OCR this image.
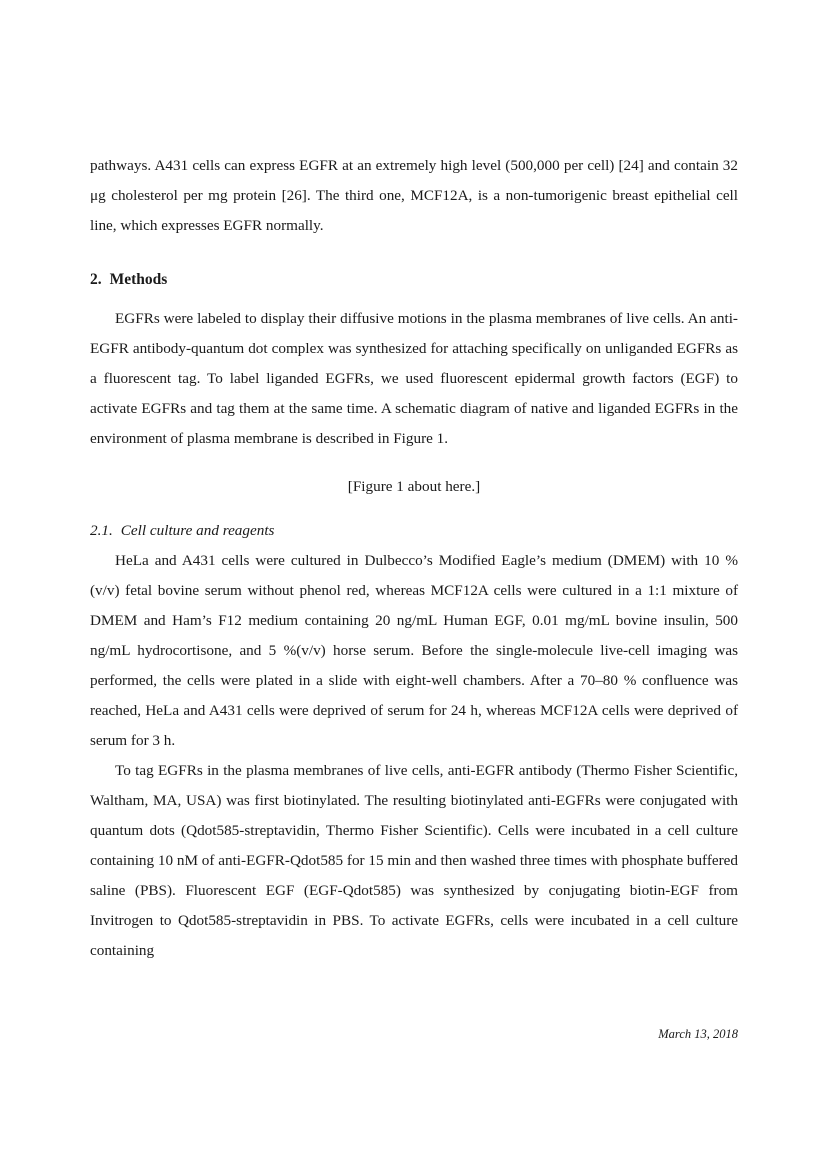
pathways. A431 cells can express EGFR at an extremely high level (500,000 per cell) [24] and contain 32 μg cholesterol per mg protein [26]. The third one, MCF12A, is a non-tumorigenic breast epithelial cell line, which expresses EGFR normally.

2. Methods

EGFRs were labeled to display their diffusive motions in the plasma membranes of live cells. An anti-EGFR antibody-quantum dot complex was synthesized for attaching specifically on unliganded EGFRs as a fluorescent tag. To label liganded EGFRs, we used fluorescent epidermal growth factors (EGF) to activate EGFRs and tag them at the same time. A schematic diagram of native and liganded EGFRs in the environment of plasma membrane is described in Figure 1.

[Figure 1 about here.]
2.1. Cell culture and reagents

HeLa and A431 cells were cultured in Dulbecco’s Modified Eagle’s medium (DMEM) with 10 % (v/v) fetal bovine serum without phenol red, whereas MCF12A cells were cultured in a 1:1 mixture of DMEM and Ham’s F12 medium containing 20 ng/mL Human EGF, 0.01 mg/mL bovine insulin, 500 ng/mL hydrocortisone, and 5 %(v/v) horse serum. Before the single-molecule live-cell imaging was performed, the cells were plated in a slide with eight-well chambers. After a 70–80 % confluence was reached, HeLa and A431 cells were deprived of serum for 24 h, whereas MCF12A cells were deprived of serum for 3 h.

To tag EGFRs in the plasma membranes of live cells, anti-EGFR antibody (Thermo Fisher Scientific, Waltham, MA, USA) was first biotinylated. The resulting biotinylated anti-EGFRs were conjugated with quantum dots (Qdot585-streptavidin, Thermo Fisher Scientific). Cells were incubated in a cell culture containing 10 nM of anti-EGFR-Qdot585 for 15 min and then washed three times with phosphate buffered saline (PBS). Fluorescent EGF (EGF-Qdot585) was synthesized by conjugating biotin-EGF from Invitrogen to Qdot585-streptavidin in PBS. To activate EGFRs, cells were incubated in a cell culture containing

March 13, 2018
